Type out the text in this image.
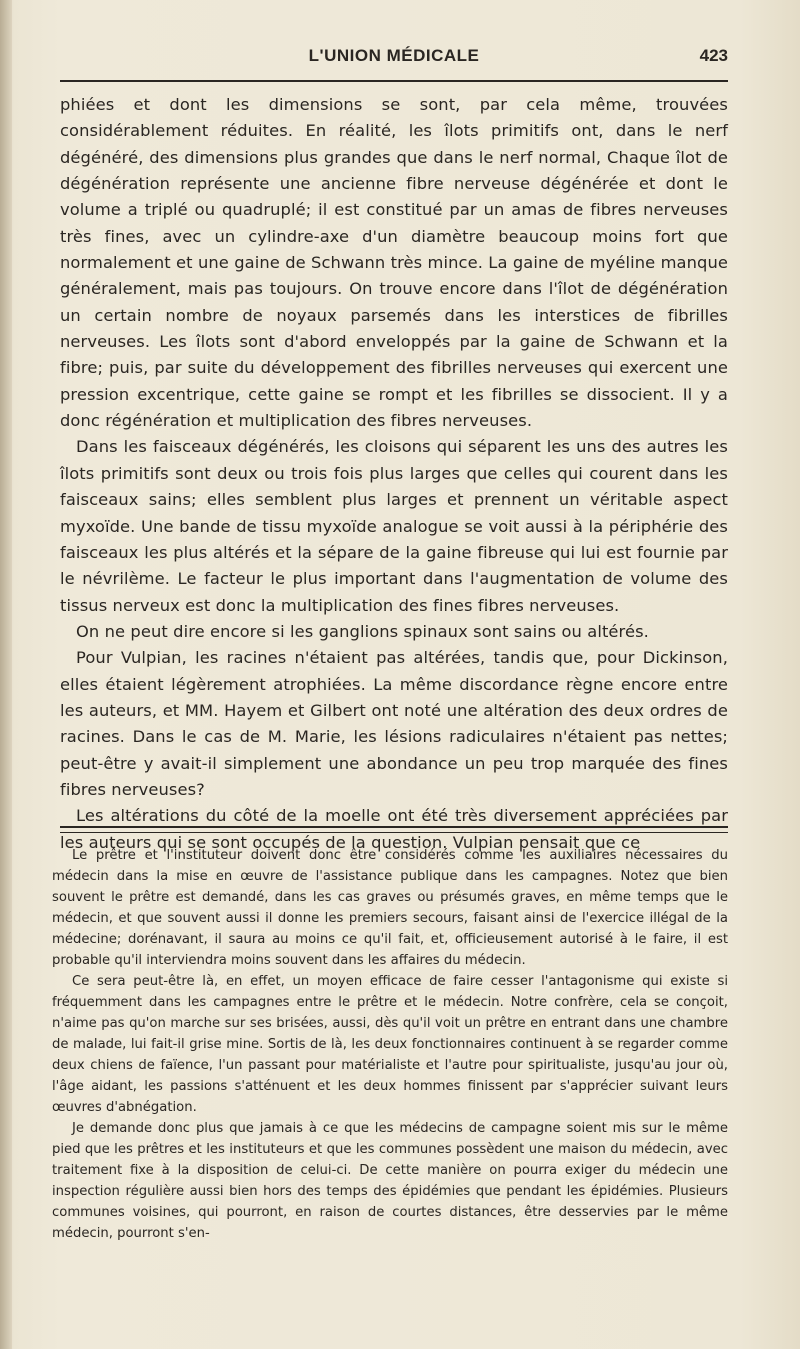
L'UNION MÉDICALE	423

phiées et dont les dimensions se sont, par cela même, trouvées considérablement réduites. En réalité, les îlots primitifs ont, dans le nerf dégénéré, des dimensions plus grandes que dans le nerf normal, Chaque îlot de dégénération représente une ancienne fibre nerveuse dégénérée et dont le volume a triplé ou quadruplé; il est constitué par un amas de fibres nerveuses très fines, avec un cylindre-axe d'un diamètre beaucoup moins fort que normalement et une gaine de Schwann très mince. La gaine de myéline manque généralement, mais pas toujours. On trouve encore dans l'îlot de dégénération un certain nombre de noyaux parsemés dans les interstices de fibrilles nerveuses. Les îlots sont d'abord enveloppés par la gaine de Schwann et la fibre; puis, par suite du développement des fibrilles nerveuses qui exercent une pression excentrique, cette gaine se rompt et les fibrilles se dissocient. Il y a donc régénération et multiplication des fibres nerveuses.

Dans les faisceaux dégénérés, les cloisons qui séparent les uns des autres les îlots primitifs sont deux ou trois fois plus larges que celles qui courent dans les faisceaux sains; elles semblent plus larges et prennent un véritable aspect myxoïde. Une bande de tissu myxoïde analogue se voit aussi à la périphérie des faisceaux les plus altérés et la sépare de la gaine fibreuse qui lui est fournie par le névrilème. Le facteur le plus important dans l'augmentation de volume des tissus nerveux est donc la multiplication des fines fibres nerveuses.

On ne peut dire encore si les ganglions spinaux sont sains ou altérés.

Pour Vulpian, les racines n'étaient pas altérées, tandis que, pour Dickinson, elles étaient légèrement atrophiées. La même discordance règne encore entre les auteurs, et MM. Hayem et Gilbert ont noté une altération des deux ordres de racines. Dans le cas de M. Marie, les lésions radiculaires n'étaient pas nettes; peut-être y avait-il simplement une abondance un peu trop marquée des fines fibres nerveuses?

Les altérations du côté de la moelle ont été très diversement appréciées par les auteurs qui se sont occupés de la question. Vulpian pensait que ce

Le prêtre et l'instituteur doivent donc être considérés comme les auxiliaires nécessaires du médecin dans la mise en œuvre de l'assistance publique dans les campagnes. Notez que bien souvent le prêtre est demandé, dans les cas graves ou présumés graves, en même temps que le médecin, et que souvent aussi il donne les premiers secours, faisant ainsi de l'exercice illégal de la médecine; dorénavant, il saura au moins ce qu'il fait, et, officieusement autorisé à le faire, il est probable qu'il interviendra moins souvent dans les affaires du médecin.

Ce sera peut-être là, en effet, un moyen efficace de faire cesser l'antagonisme qui existe si fréquemment dans les campagnes entre le prêtre et le médecin. Notre confrère, cela se conçoit, n'aime pas qu'on marche sur ses brisées, aussi, dès qu'il voit un prêtre en entrant dans une chambre de malade, lui fait-il grise mine. Sortis de là, les deux fonctionnaires continuent à se regarder comme deux chiens de faïence, l'un passant pour matérialiste et l'autre pour spiritualiste, jusqu'au jour où, l'âge aidant, les passions s'atténuent et les deux hommes finissent par s'apprécier suivant leurs œuvres d'abnégation.

Je demande donc plus que jamais à ce que les médecins de campagne soient mis sur le même pied que les prêtres et les instituteurs et que les communes possèdent une maison du médecin, avec traitement fixe à la disposition de celui-ci. De cette manière on pourra exiger du médecin une inspection régulière aussi bien hors des temps des épidémies que pendant les épidémies. Plusieurs communes voisines, qui pourront, en raison de courtes distances, être desservies par le même médecin, pourront s'en-
